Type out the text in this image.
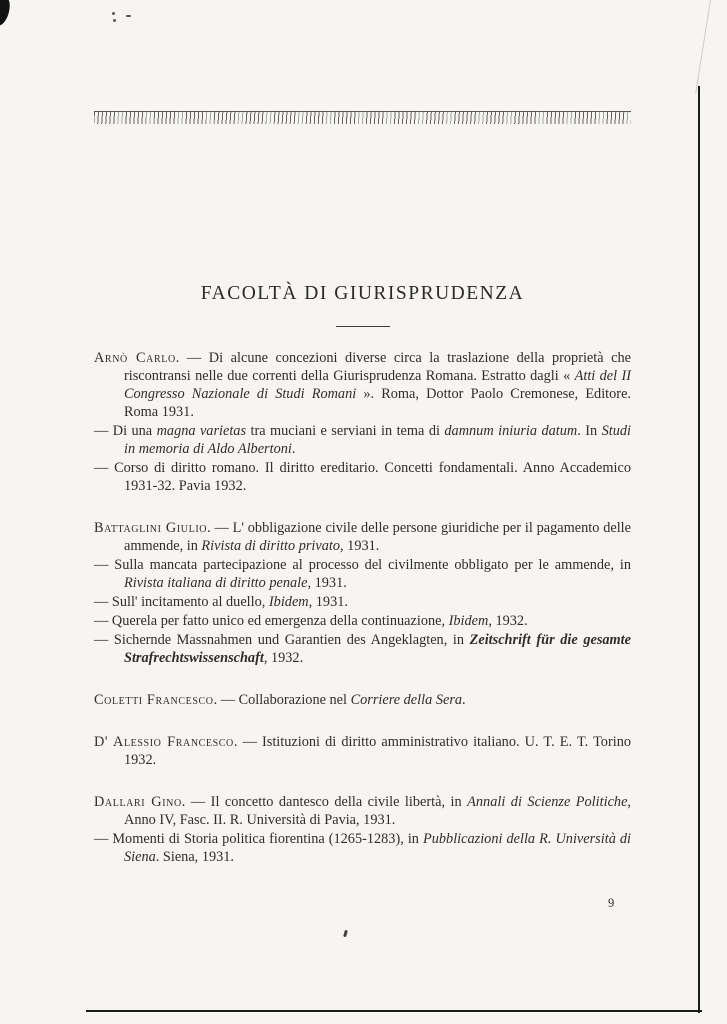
FACOLTÀ DI GIURISPRUDENZA

Arnò Carlo. — Di alcune concezioni diverse circa la traslazione della proprietà che riscontransi nelle due correnti della Giurisprudenza Romana. Estratto dagli « Atti del II Congresso Nazionale di Studi Romani ». Roma, Dottor Paolo Cremonese, Editore. Roma 1931.

— Di una magna varietas tra muciani e serviani in tema di damnum iniuria datum. In Studi in memoria di Aldo Albertoni.

— Corso di diritto romano. Il diritto ereditario. Concetti fondamentali. Anno Accademico 1931-32. Pavia 1932.

Battaglini Giulio. — L' obbligazione civile delle persone giuridiche per il pagamento delle ammende, in Rivista di diritto privato, 1931.

— Sulla mancata partecipazione al processo del civilmente obbligato per le ammende, in Rivista italiana di diritto penale, 1931.

— Sull' incitamento al duello, Ibidem, 1931.

— Querela per fatto unico ed emergenza della continuazione, Ibidem, 1932.

— Sichernde Massnahmen und Garantien des Angeklagten, in Zeitschrift für die gesamte Strafrechtswissenschaft, 1932.

Coletti Francesco. — Collaborazione nel Corriere della Sera.

D' Alessio Francesco. — Istituzioni di diritto amministrativo italiano. U. T. E. T. Torino 1932.

Dallari Gino. — Il concetto dantesco della civile libertà, in Annali di Scienze Politiche, Anno IV, Fasc. II. R. Università di Pavia, 1931.

— Momenti di Storia politica fiorentina (1265-1283), in Pubblicazioni della R. Università di Siena. Siena, 1931.

9
